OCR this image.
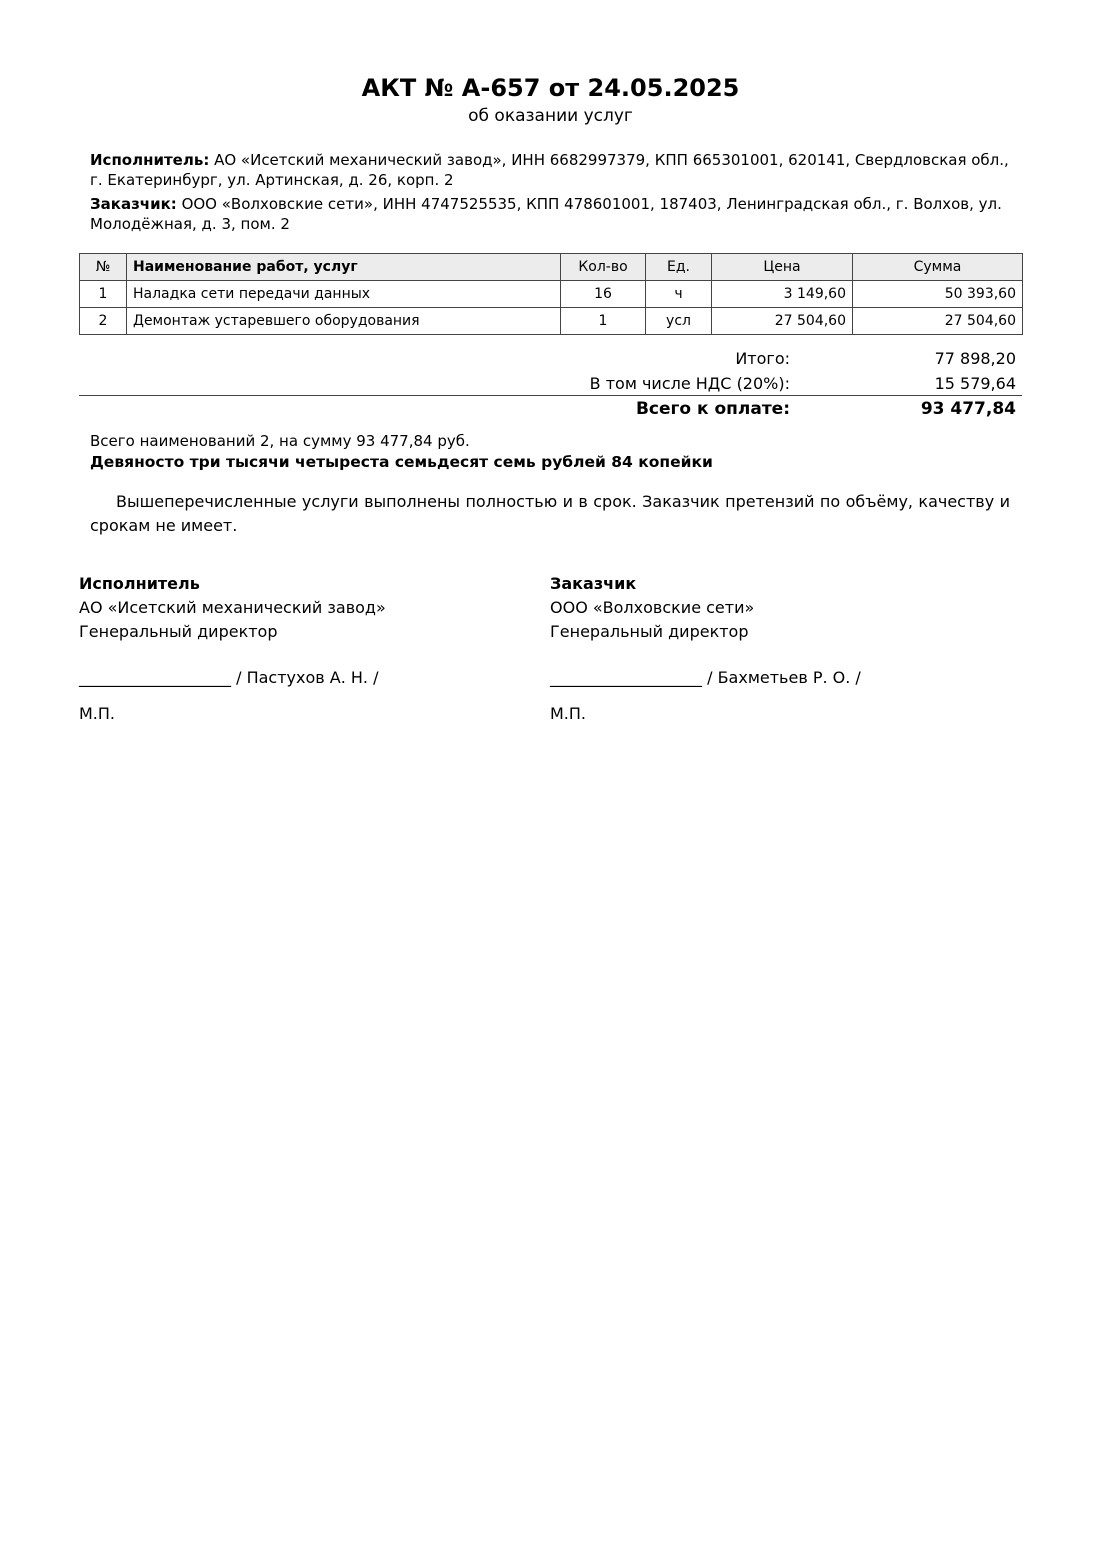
АКТ № А-657 от 24.05.2025
об оказании услуг
Исполнитель: АО «Исетский механический завод», ИНН 6682997379, КПП 665301001, 620141, Свердловская обл., г. Екатеринбург, ул. Артинская, д. 26, корп. 2
Заказчик: ООО «Волховские сети», ИНН 4747525535, КПП 478601001, 187403, Ленинградская обл., г. Волхов, ул. Молодёжная, д. 3, пом. 2
№	Наименование работ, услуг	Кол-во	Ед.	Цена	Сумма
1	Наладка сети передачи данных	16	ч	3 149,60	50 393,60
2	Демонтаж устаревшего оборудования	1	усл	27 504,60	27 504,60
Итого:	77 898,20
В том числе НДС (20%):	15 579,64
Всего к оплате:	93 477,84
Всего наименований 2, на сумму 93 477,84 руб.
Девяносто три тысячи четыреста семьдесят семь рублей 84 копейки
Вышеперечисленные услуги выполнены полностью и в срок. Заказчик претензий по объёму, качеству и срокам не имеет.
Исполнитель
АО «Исетский механический завод»
Генеральный директор
___________________ / Пастухов А. Н. /
М.П.
Заказчик
ООО «Волховские сети»
Генеральный директор
___________________ / Бахметьев Р. О. /
М.П.
